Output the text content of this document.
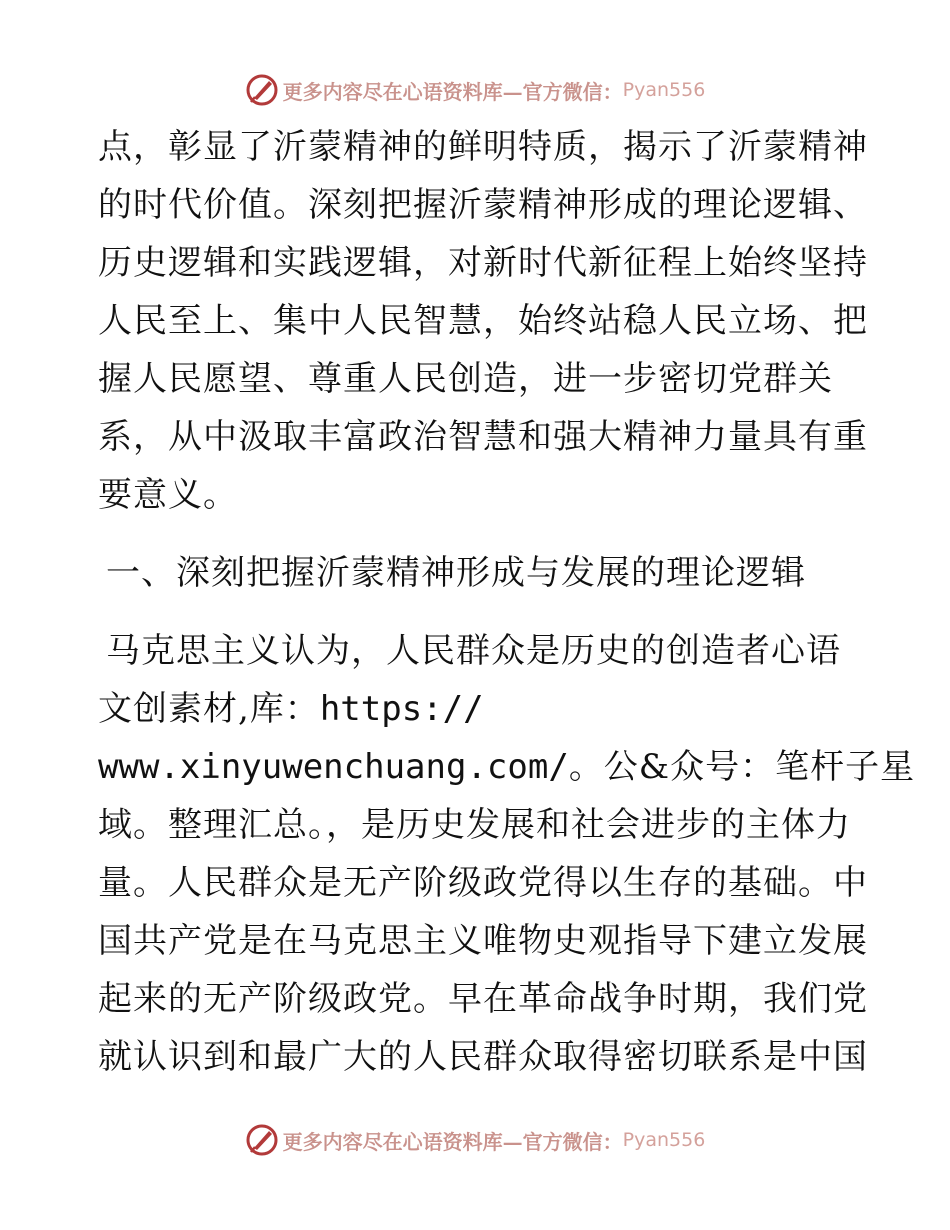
更多内容尽在心语资料库—官方微信： Pyan556

点，彰显了沂蒙精神的鲜明特质，揭示了沂蒙精神

的时代价值。深刻把握沂蒙精神形成的理论逻辑、

历史逻辑和实践逻辑，对新时代新征程上始终坚持

人民至上、集中人民智慧，始终站稳人民立场、把

握人民愿望、尊重人民创造，进一步密切党群关

系，从中汲取丰富政治智慧和强大精神力量具有重

要意义。

一、深刻把握沂蒙精神形成与发展的理论逻辑

马克思主义认为，人民群众是历史的创造者心语

文创素材,库：https://

www.xinyuwenchuang.com/。公&众号：笔杆子星

域。整理汇总。，是历史发展和社会进步的主体力

量。人民群众是无产阶级政党得以生存的基础。中

国共产党是在马克思主义唯物史观指导下建立发展

起来的无产阶级政党。早在革命战争时期，我们党

就认识到和最广大的人民群众取得密切联系是中国

更多内容尽在心语资料库—官方微信： Pyan556
